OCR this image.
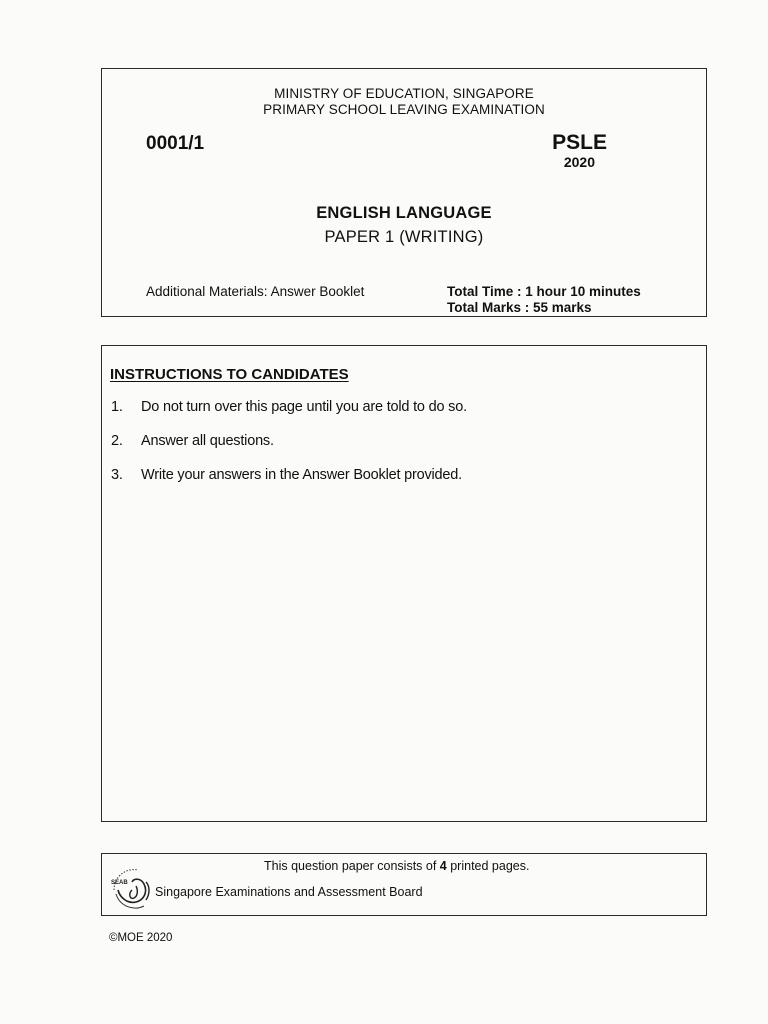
MINISTRY OF EDUCATION, SINGAPORE
PRIMARY SCHOOL LEAVING EXAMINATION
0001/1	PSLE
2020
ENGLISH LANGUAGE
PAPER 1 (WRITING)
Additional Materials: Answer Booklet	Total Time : 1 hour 10 minutes
Total Marks : 55 marks
INSTRUCTIONS TO CANDIDATES
1. Do not turn over this page until you are told to do so.
2. Answer all questions.
3. Write your answers in the Answer Booklet provided.
This question paper consists of 4 printed pages.
SEAB
Singapore Examinations and Assessment Board
©MOE 2020
